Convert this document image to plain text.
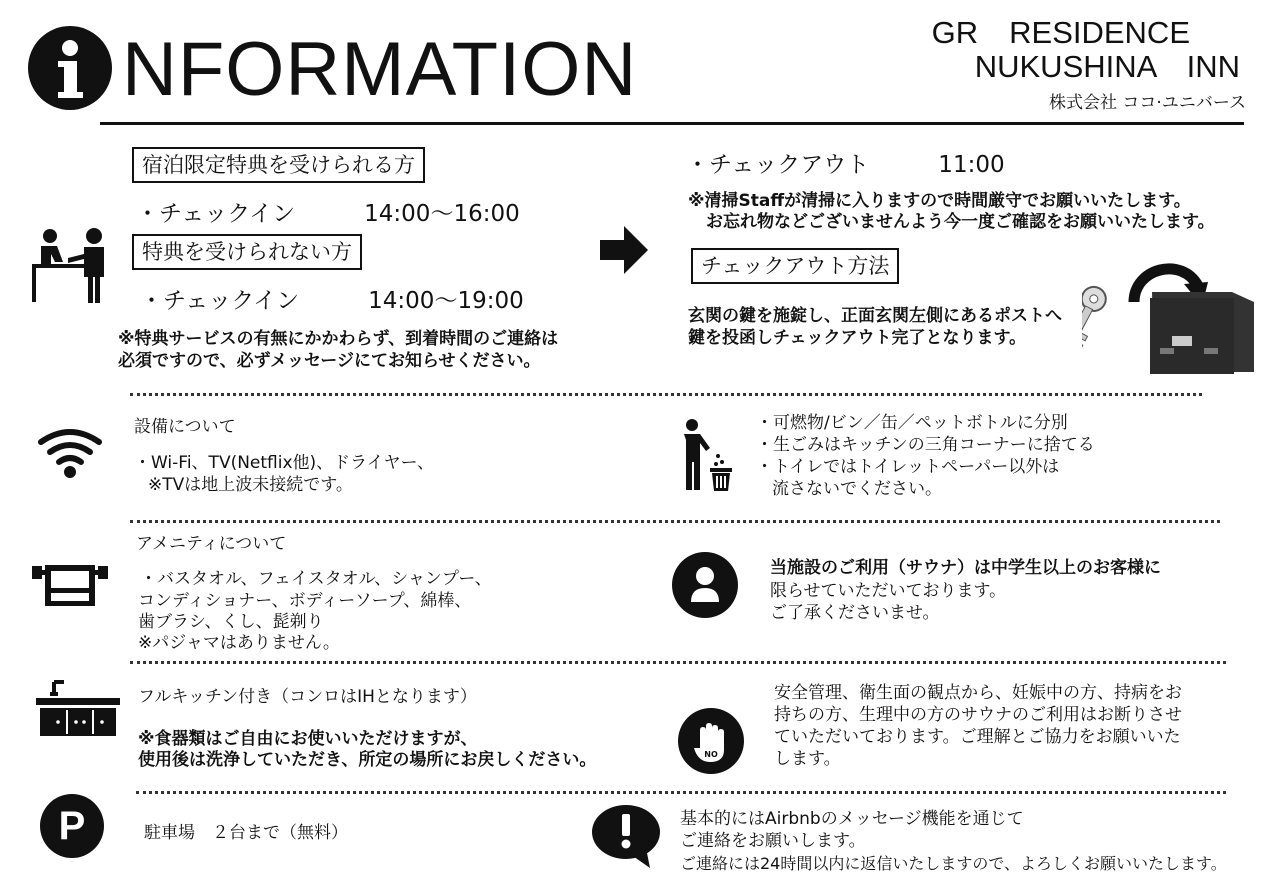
NFORMATION	GR　RESIDENCE
NUKUSHINA　INN
株式会社 ココ·ユニバース
宿泊限定特典を受けられる方
・チェックイン　　　14:00～16:00
特典を受けられない方
・チェックイン　　　14:00～19:00
※特典サービスの有無にかかわらず、到着時間のご連絡は
必須ですので、必ずメッセージにてお知らせください。
・チェックアウト　　　11:00
※清掃Staffが清掃に入りますので時間厳守でお願いいたします。
お忘れ物などございませんよう今一度ご確認をお願いいたします。
チェックアウト方法
玄関の鍵を施錠し、正面玄関左側にあるポストへ
鍵を投函しチェックアウト完了となります。
設備について
・Wi-Fi、TV(Netflix他)、ドライヤー、
※TVは地上波未接続です。
・可燃物/ビン／缶／ペットボトルに分別
・生ごみはキッチンの三角コーナーに捨てる
・トイレではトイレットペーパー以外は
流さないでください。
アメニティについて
・バスタオル、フェイスタオル、シャンプー、
コンディショナー、ボディーソープ、綿棒、
歯ブラシ、くし、髭剃り
※パジャマはありません。
当施設のご利用（サウナ）は中学生以上のお客様に
限らせていただいております。
ご了承くださいませ。
フルキッチン付き（コンロはIHとなります）
※食器類はご自由にお使いいただけますが、
使用後は洗浄していただき、所定の場所にお戻しください。	NO
安全管理、衛生面の観点から、妊娠中の方、持病をお
持ちの方、生理中の方のサウナのご利用はお断りさせ
ていただいております。ご理解とご協力をお願いいた
します。
P	駐車場　２台まで（無料）
基本的にはAirbnbのメッセージ機能を通じて
ご連絡をお願いします。
ご連絡には24時間以内に返信いたしますので、よろしくお願いいたします。
